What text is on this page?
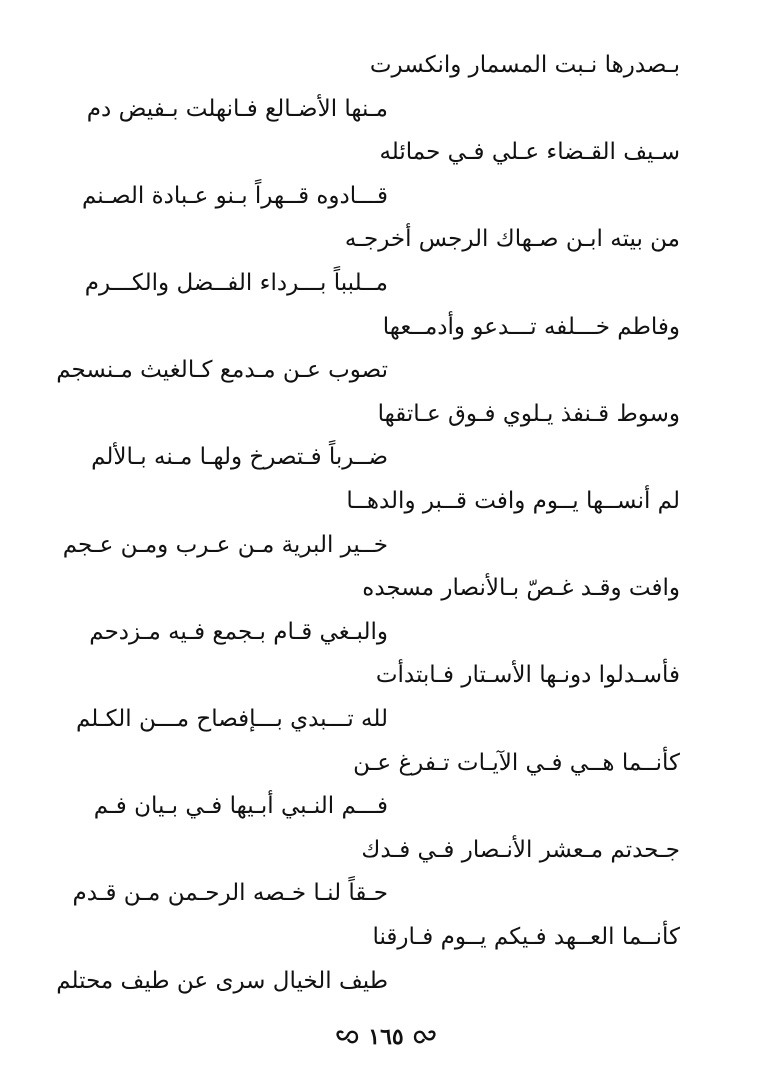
بـصدرها نـبت المسمار وانكسرت
مـنها الأضـالع فـانهلت بـفيض دم
سـيف القـضاء عـلي فـي حمائله
قـــادوه قــهراً بـنو عـبادة الصـنم
من بيته ابـن صـهاك الرجس أخرجـه
مــلبباً بـــرداء الفــضل والكـــرم
وفاطم خـــلفه تـــدعو وأدمــعها
تصوب عـن مـدمع كـالغيث مـنسجم
وسوط قـنفذ يـلوي فـوق عـاتقها
ضــرباً فـتصرخ ولهـا مـنه بـالألم
لم أنســها يــوم وافت قــبر والدهــا
خــير البرية مـن عـرب ومـن عـجم
وافت وقـد غـصّ بـالأنصار مسجده
والبـغي قـام بـجمع فـيه مـزدحم
فأسـدلوا دونـها الأسـتار فـابتدأت
لله تـــبدي بـــإفصاح مـــن الكـلم
كأنــما هــي فـي الآيـات تـفرغ عـن
فـــم النـبي أبـيها فـي بـيان فـم
جـحدتم مـعشر الأنـصار فـي فـدك
حـقاً لنـا خـصه الرحـمن مـن قـدم
كأنــما العــهد فـيكم يــوم فـارقنا
طيف الخيال سرى عن طيف محتلم
١٦٥
